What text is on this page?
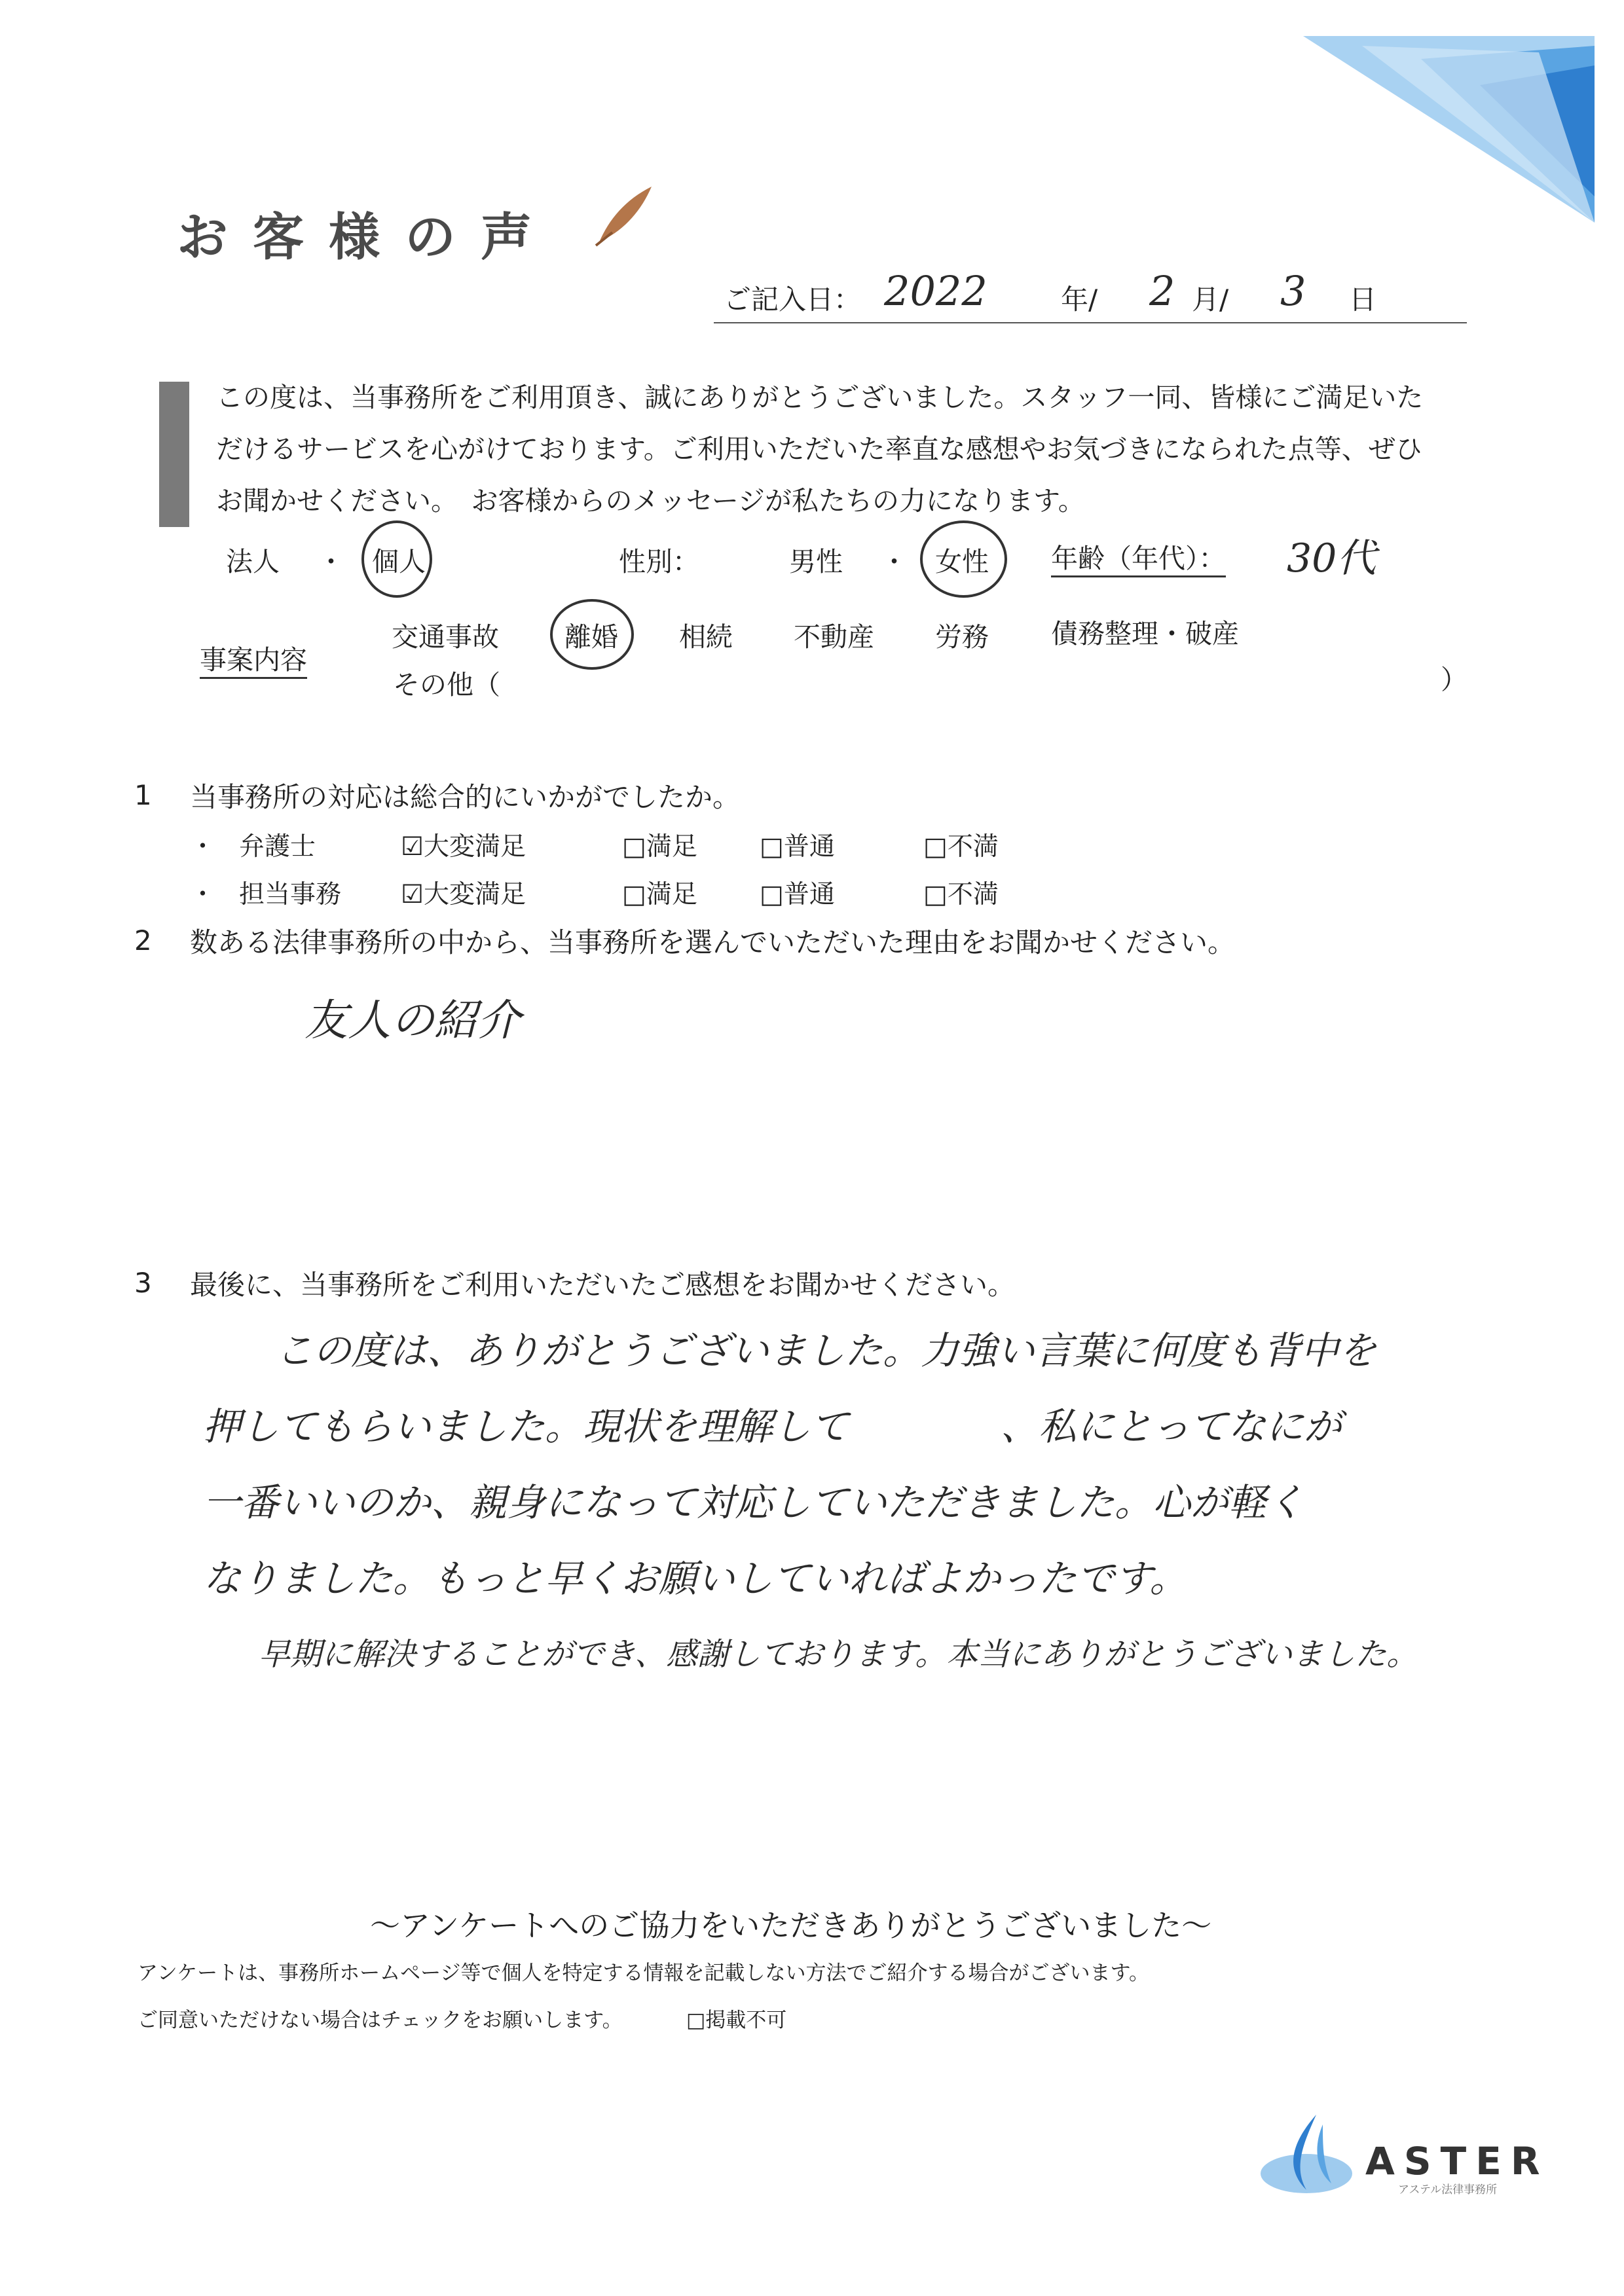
お客様の声
ご記入日： 2022	年/ 2 月/ 3 日
この度は、当事務所をご利用頂き、誠にありがとうございました。スタッフ一同、皆様にご満足いた
だけるサービスを心がけております。ご利用いただいた率直な感想やお気づきになられた点等、ぜひ
お聞かせください。　お客様からのメッセージが私たちの力になります。
法人 ・ 個人	性別：	男性 ・ 女性 年齢（年代）： 30代
事案内容
交通事故 離婚 相続 不動産 労務 債務整理・破産
その他（	）
1 当事務所の対応は総合的にいかがでしたか。
・ 弁護士	☑大変満足	□満足 □普通	□不満
・ 担当事務 ☑大変満足	□満足 □普通	□不満
2 数ある法律事務所の中から、当事務所を選んでいただいた理由をお聞かせください。
友人の紹介
3 最後に、当事務所をご利用いただいたご感想をお聞かせください。
この度は、ありがとうございました。力強い言葉に何度も背中を
押してもらいました。現状を理解して　　　　、私にとってなにが
一番いいのか、親身になって対応していただきました。心が軽く
なりました。もっと早くお願いしていればよかったです。
早期に解決することができ、感謝しております。本当にありがとうございました。
～アンケートへのご協力をいただきありがとうございました～
アンケートは、事務所ホームページ等で個人を特定する情報を記載しない方法でご紹介する場合がございます。
ご同意いただけない場合はチェックをお願いします。	□掲載不可
ASTER
アステル法律事務所
